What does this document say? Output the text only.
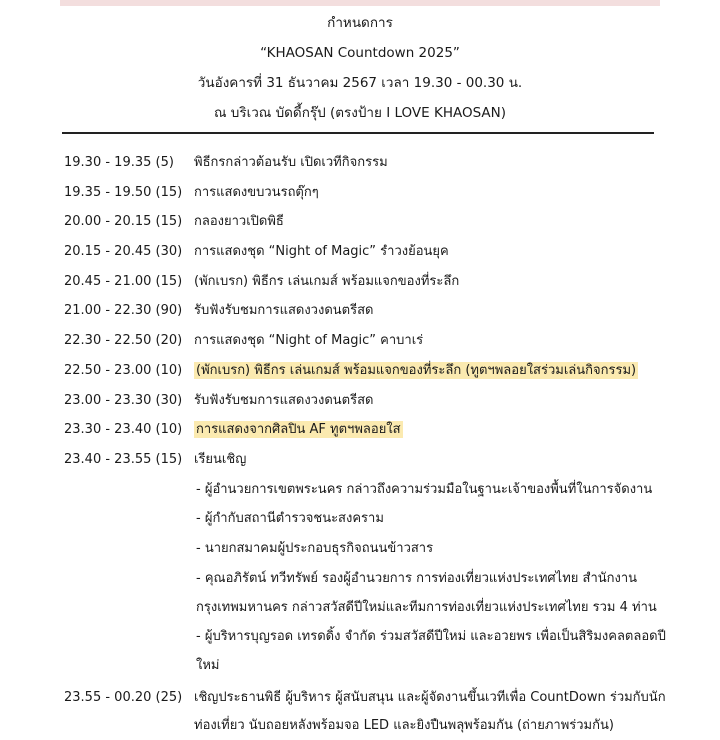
กำหนดการ
“KHAOSAN Countdown 2025”
วันอังคารที่ 31 ธันวาคม 2567 เวลา 19.30 - 00.30 น.
ณ บริเวณ บัดดี้กรุ๊ป (ตรงป้าย I LOVE KHAOSAN)
19.30 - 19.35 (5)	พิธีกรกล่าวต้อนรับ เปิดเวทีกิจกรรม
19.35 - 19.50 (15) การแสดงขบวนรถตุ๊กๆ
20.00 - 20.15 (15) กลองยาวเปิดพิธี
20.15 - 20.45 (30) การแสดงชุด “Night of Magic” รำวงย้อนยุค
20.45 - 21.00 (15) (พักเบรก) พิธีกร เล่นเกมส์ พร้อมแจกของที่ระลึก
21.00 - 22.30 (90) รับฟังรับชมการแสดงวงดนตรีสด
22.30 - 22.50 (20) การแสดงชุด “Night of Magic” คาบาเร่
22.50 - 23.00 (10)	(พักเบรก) พิธีกร เล่นเกมส์ พร้อมแจกของที่ระลึก (ทูตฯพลอยใสร่วมเล่นกิจกรรม)
23.00 - 23.30 (30) รับฟังรับชมการแสดงวงดนตรีสด
23.30 - 23.40 (10)	การแสดงจากศิลปิน AF ทูตฯพลอยใส
23.40 - 23.55 (15) เรียนเชิญ
- ผู้อำนวยการเขตพระนคร กล่าวถึงความร่วมมือในฐานะเจ้าของพื้นที่ในการจัดงาน
- ผู้กำกับสถานีตำรวจชนะสงคราม
- นายกสมาคมผู้ประกอบธุรกิจถนนข้าวสาร
- คุณอภิรัตน์ ทวีทรัพย์ รองผู้อำนวยการ การท่องเที่ยวแห่งประเทศไทย สำนักงานกรุงเทพมหานคร กล่าวสวัสดีปีใหม่และทีมการท่องเที่ยวแห่งประเทศไทย รวม 4 ท่าน
- ผู้บริหารบุญรอด เทรดดิ้ง จำกัด ร่วมสวัสดีปีใหม่ และอวยพร เพื่อเป็นสิริมงคลตลอดปีใหม่
23.55 - 00.20 (25) เชิญประธานพิธี ผู้บริหาร ผู้สนับสนุน และผู้จัดงานขึ้นเวทีเพื่อ CountDown ร่วมกับนักท่องเที่ยว นับถอยหลังพร้อมจอ LED และยิงปืนพลุพร้อมกัน (ถ่ายภาพร่วมกัน)
